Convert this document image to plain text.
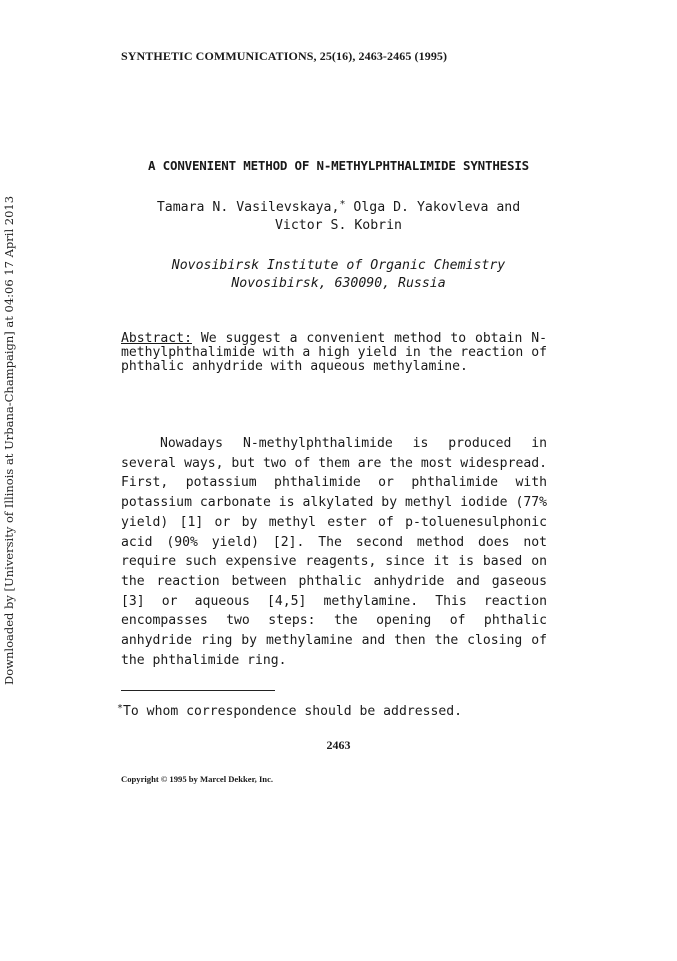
Downloaded by [University of Illinois at Urbana-Champaign] at 04:06 17 April 2013
SYNTHETIC COMMUNICATIONS, 25(16), 2463-2465 (1995)
A CONVENIENT METHOD OF N-METHYLPHTHALIMIDE SYNTHESIS
Tamara N. Vasilevskaya,* Olga D. Yakovleva and
Victor S. Kobrin
Novosibirsk Institute of Organic Chemistry
Novosibirsk, 630090, Russia
Abstract: We suggest a convenient method to obtain N-methylphthalimide with a high yield in the reaction of phthalic anhydride with aqueous methylamine.
Nowadays N-methylphthalimide is produced in several ways, but two of them are the most widespread. First, potassium phthalimide or phthalimide with potassium carbonate is alkylated by methyl iodide (77% yield) [1] or by methyl ester of p-toluenesulphonic acid (90% yield) [2]. The second method does not require such expensive reagents, since it is based on the reaction between phthalic anhydride and gaseous [3] or aqueous [4,5] methylamine. This reaction encompasses two steps: the opening of phthalic anhydride ring by methylamine and then the closing of the phthalimide ring.
*To whom correspondence should be addressed.
2463
Copyright © 1995 by Marcel Dekker, Inc.
